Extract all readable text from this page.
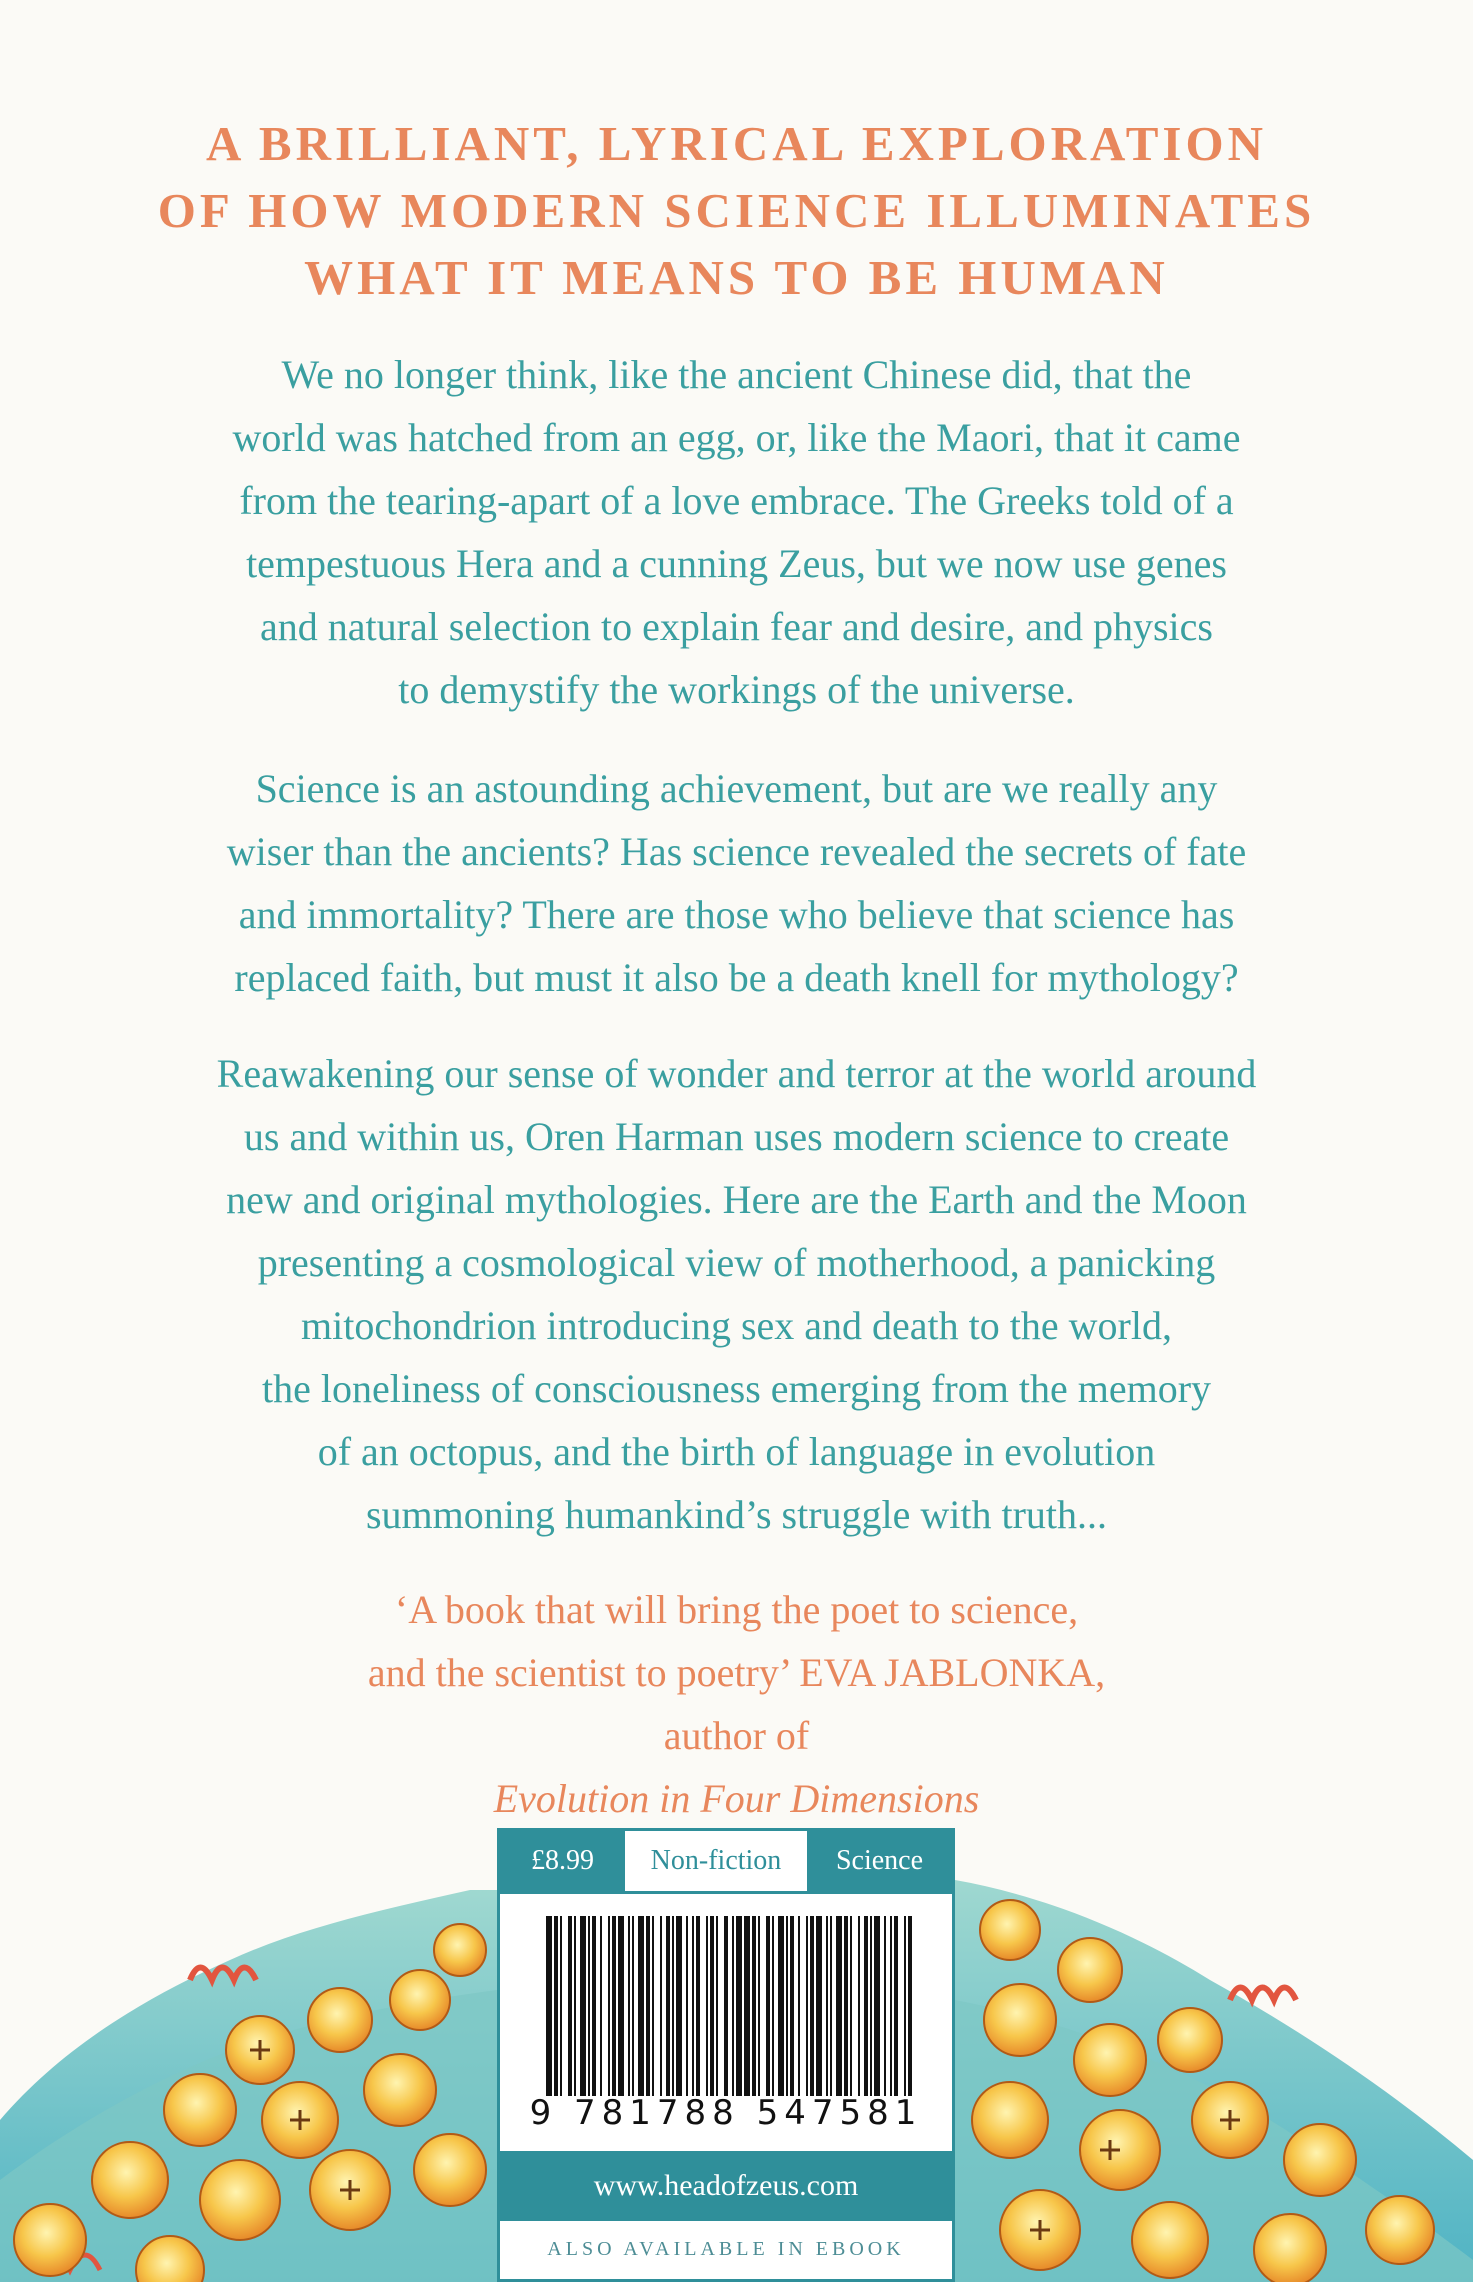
A BRILLIANT, LYRICAL EXPLORATION
OF HOW MODERN SCIENCE ILLUMINATES
WHAT IT MEANS TO BE HUMAN

We no longer think, like the ancient Chinese did, that the
world was hatched from an egg, or, like the Maori, that it came
from the tearing-apart of a love embrace. The Greeks told of a
tempestuous Hera and a cunning Zeus, but we now use genes
and natural selection to explain fear and desire, and physics
to demystify the workings of the universe.

Science is an astounding achievement, but are we really any
wiser than the ancients? Has science revealed the secrets of fate
and immortality? There are those who believe that science has
replaced faith, but must it also be a death knell for mythology?

Reawakening our sense of wonder and terror at the world around
us and within us, Oren Harman uses modern science to create
new and original mythologies. Here are the Earth and the Moon
presenting a cosmological view of motherhood, a panicking
mitochondrion introducing sex and death to the world,
the loneliness of consciousness emerging from the memory
of an octopus, and the birth of language in evolution
summoning humankind’s struggle with truth...

‘A book that will bring the poet to science,
and the scientist to poetry’ EVA JABLONKA,
author of
Evolution in Four Dimensions

£8.99	Non-fiction	Science
9 781788 547581
www.headofzeus.com
ALSO AVAILABLE IN EBOOK
